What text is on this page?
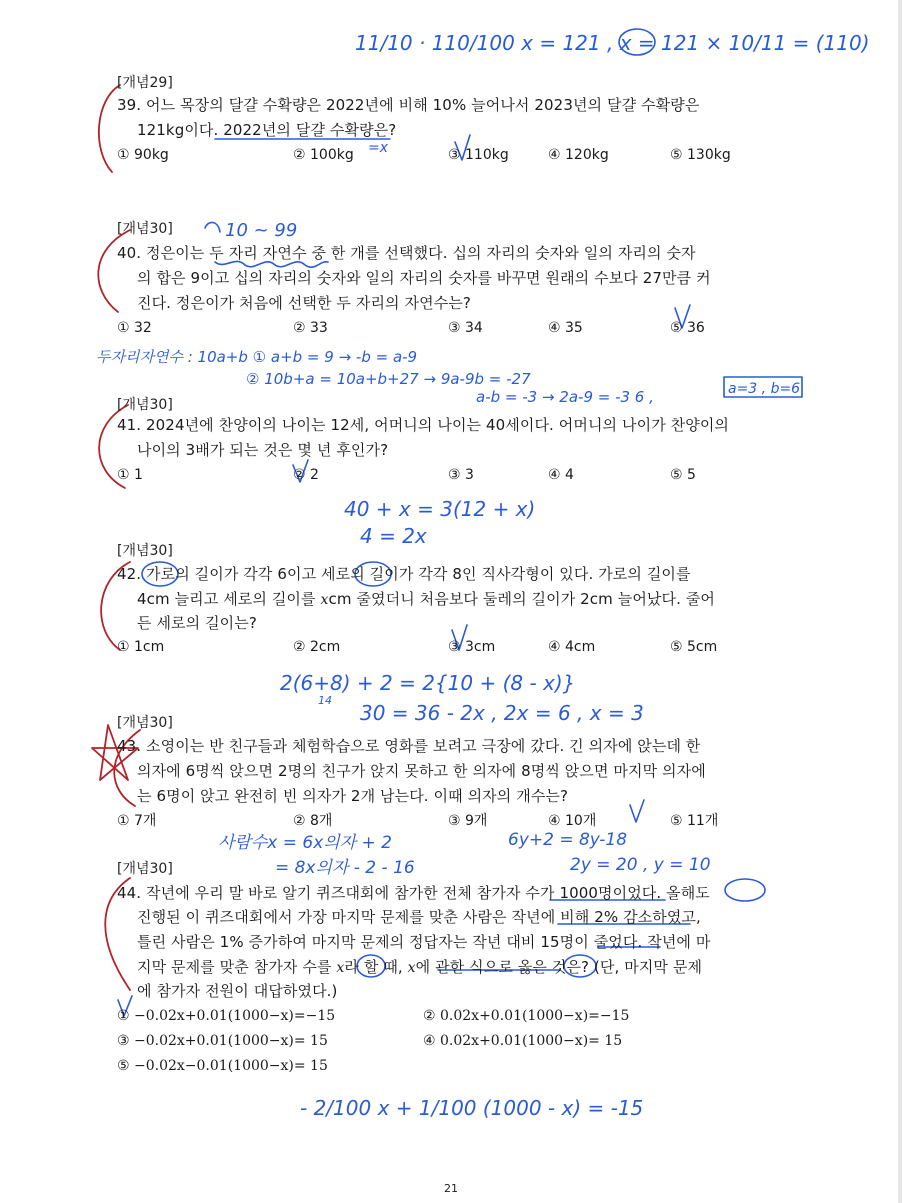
11/10 · 110/100 x = 121 , x = 121 × 10/11 = (110)
=x
10 ~ 99
두자리자연수 : 10a+b ① a+b = 9 → -b = a-9
② 10b+a = 10a+b+27 → 9a-9b = -27
a-b = -3 → 2a-9 = -3 6 ,	a=3 , b=6
40 + x = 3(12 + x)
4 = 2x
2(6+8) + 2 = 2{10 + (8 - x)}
14
30 = 36 - 2x , 2x = 6 , x = 3
사람수x = 6x의자 + 2
= 8x의자 - 2 - 16
6y+2 = 8y-18
2y = 20 , y = 10
- 2/100 x + 1/100 (1000 - x) = -15
[개념29]
39. 어느 목장의 달걀 수확량은 2022년에 비해 10% 늘어나서 2023년의 달걀 수확량은
121kg이다. 2022년의 달걀 수확량은?
① 90kg	② 100kg	③ 110kg	④ 120kg	⑤ 130kg
[개념30]
40. 정은이는 두 자리 자연수 중 한 개를 선택했다. 십의 자리의 숫자와 일의 자리의 숫자
의 합은 9이고 십의 자리의 숫자와 일의 자리의 숫자를 바꾸면 원래의 수보다 27만큼 커
진다. 정은이가 처음에 선택한 두 자리의 자연수는?
① 32	② 33	③ 34	④ 35	⑤ 36
[개념30]
41. 2024년에 찬양이의 나이는 12세, 어머니의 나이는 40세이다. 어머니의 나이가 찬양이의
나이의 3배가 되는 것은 몇 년 후인가?
① 1	② 2	③ 3	④ 4	⑤ 5
[개념30]
42. 가로의 길이가 각각 6이고 세로의 길이가 각각 8인 직사각형이 있다. 가로의 길이를
4cm 늘리고 세로의 길이를 xcm 줄였더니 처음보다 둘레의 길이가 2cm 늘어났다. 줄어
든 세로의 길이는?
① 1cm	② 2cm	③ 3cm	④ 4cm	⑤ 5cm
[개념30]
43. 소영이는 반 친구들과 체험학습으로 영화를 보려고 극장에 갔다. 긴 의자에 앉는데 한
의자에 6명씩 앉으면 2명의 친구가 앉지 못하고 한 의자에 8명씩 앉으면 마지막 의자에
는 6명이 앉고 완전히 빈 의자가 2개 남는다. 이때 의자의 개수는?
① 7개	② 8개	③ 9개	④ 10개	⑤ 11개
[개념30]
44. 작년에 우리 말 바로 알기 퀴즈대회에 참가한 전체 참가자 수가 1000명이었다. 올해도
진행된 이 퀴즈대회에서 가장 마지막 문제를 맞춘 사람은 작년에 비해 2% 감소하였고,
틀린 사람은 1% 증가하여 마지막 문제의 정답자는 작년 대비 15명이 줄었다. 작년에 마
지막 문제를 맞춘 참가자 수를 x라 할 때, x에 관한 식으로 옳은 것은? (단, 마지막 문제
에 참가자 전원이 대답하였다.)
① −0.02x+0.01(1000−x)=−15	② 0.02x+0.01(1000−x)=−15
③ −0.02x+0.01(1000−x)= 15	④ 0.02x+0.01(1000−x)= 15
⑤ −0.02x−0.01(1000−x)= 15
21
